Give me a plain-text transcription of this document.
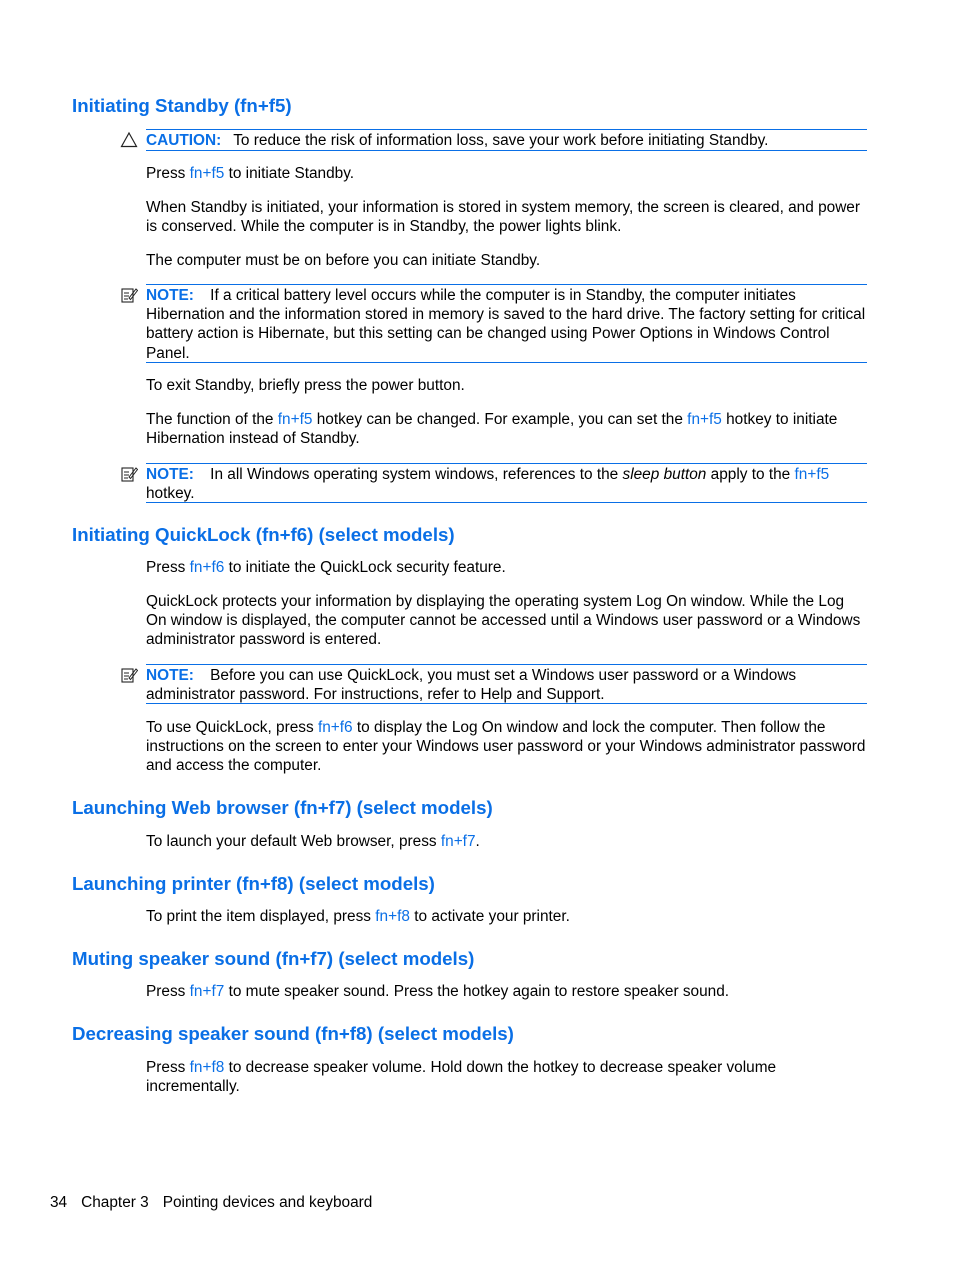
Initiating Standby (fn+f5)
CAUTION: To reduce the risk of information loss, save your work before initiating Standby.

Press fn+f5 to initiate Standby.

When Standby is initiated, your information is stored in system memory, the screen is cleared, and power is conserved. While the computer is in Standby, the power lights blink.

The computer must be on before you can initiate Standby.

NOTE: If a critical battery level occurs while the computer is in Standby, the computer initiates Hibernation and the information stored in memory is saved to the hard drive. The factory setting for critical battery action is Hibernate, but this setting can be changed using Power Options in Windows Control Panel.

To exit Standby, briefly press the power button.

The function of the fn+f5 hotkey can be changed. For example, you can set the fn+f5 hotkey to initiate Hibernation instead of Standby.

NOTE: In all Windows operating system windows, references to the sleep button apply to the fn+f5 hotkey.
Initiating QuickLock (fn+f6) (select models)

Press fn+f6 to initiate the QuickLock security feature.

QuickLock protects your information by displaying the operating system Log On window. While the Log On window is displayed, the computer cannot be accessed until a Windows user password or a Windows administrator password is entered.

NOTE: Before you can use QuickLock, you must set a Windows user password or a Windows administrator password. For instructions, refer to Help and Support.

To use QuickLock, press fn+f6 to display the Log On window and lock the computer. Then follow the instructions on the screen to enter your Windows user password or your Windows administrator password and access the computer.

Launching Web browser (fn+f7) (select models)

To launch your default Web browser, press fn+f7.

Launching printer (fn+f8) (select models)

To print the item displayed, press fn+f8 to activate your printer.

Muting speaker sound (fn+f7) (select models)

Press fn+f7 to mute speaker sound. Press the hotkey again to restore speaker sound.

Decreasing speaker sound (fn+f8) (select models)

Press fn+f8 to decrease speaker volume. Hold down the hotkey to decrease speaker volume incrementally.

34 Chapter 3 Pointing devices and keyboard
